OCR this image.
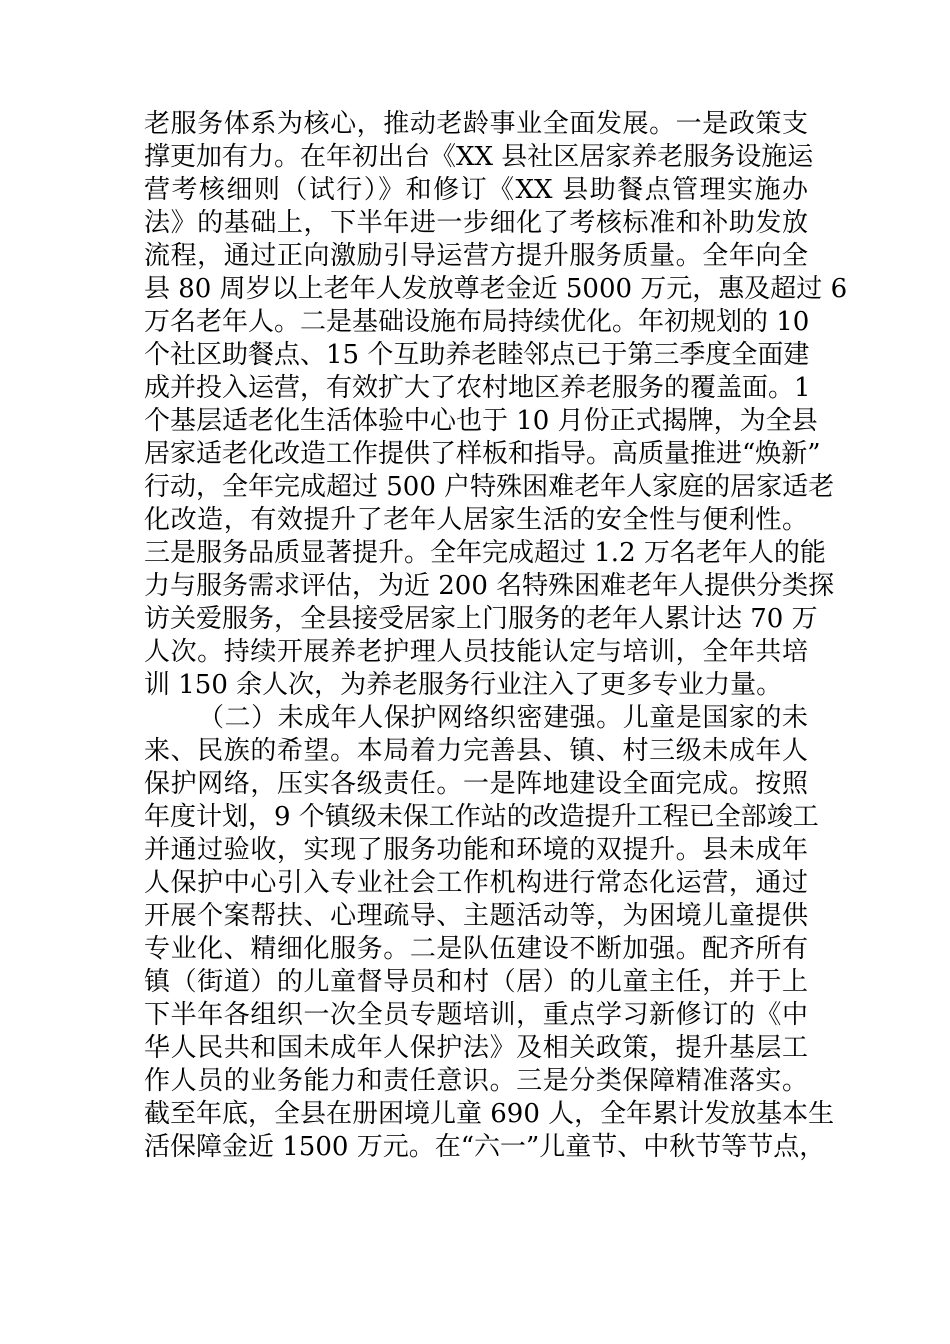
老服务体系为核心，推动老龄事业全面发展。一是政策支
撑更加有力。在年初出台《XX 县社区居家养老服务设施运
营考核细则（试行）》和修订《XX 县助餐点管理实施办
法》的基础上，下半年进一步细化了考核标准和补助发放
流程，通过正向激励引导运营方提升服务质量。全年向全
县 80 周岁以上老年人发放尊老金近 5000 万元，惠及超过 6
万名老年人。二是基础设施布局持续优化。年初规划的 10
个社区助餐点、15 个互助养老睦邻点已于第三季度全面建
成并投入运营，有效扩大了农村地区养老服务的覆盖面。1
个基层适老化生活体验中心也于 10 月份正式揭牌，为全县
居家适老化改造工作提供了样板和指导。高质量推进“焕新”
行动，全年完成超过 500 户特殊困难老年人家庭的居家适老
化改造，有效提升了老年人居家生活的安全性与便利性。
三是服务品质显著提升。全年完成超过 1.2 万名老年人的能
力与服务需求评估，为近 200 名特殊困难老年人提供分类探
访关爱服务，全县接受居家上门服务的老年人累计达 70 万
人次。持续开展养老护理人员技能认定与培训，全年共培
训 150 余人次，为养老服务行业注入了更多专业力量。
（二）未成年人保护网络织密建强。儿童是国家的未
来、民族的希望。本局着力完善县、镇、村三级未成年人
保护网络，压实各级责任。一是阵地建设全面完成。按照
年度计划，9 个镇级未保工作站的改造提升工程已全部竣工
并通过验收，实现了服务功能和环境的双提升。县未成年
人保护中心引入专业社会工作机构进行常态化运营，通过
开展个案帮扶、心理疏导、主题活动等，为困境儿童提供
专业化、精细化服务。二是队伍建设不断加强。配齐所有
镇（街道）的儿童督导员和村（居）的儿童主任，并于上
下半年各组织一次全员专题培训，重点学习新修订的《中
华人民共和国未成年人保护法》及相关政策，提升基层工
作人员的业务能力和责任意识。三是分类保障精准落实。
截至年底，全县在册困境儿童 690 人，全年累计发放基本生
活保障金近 1500 万元。在“六一”儿童节、中秋节等节点，
